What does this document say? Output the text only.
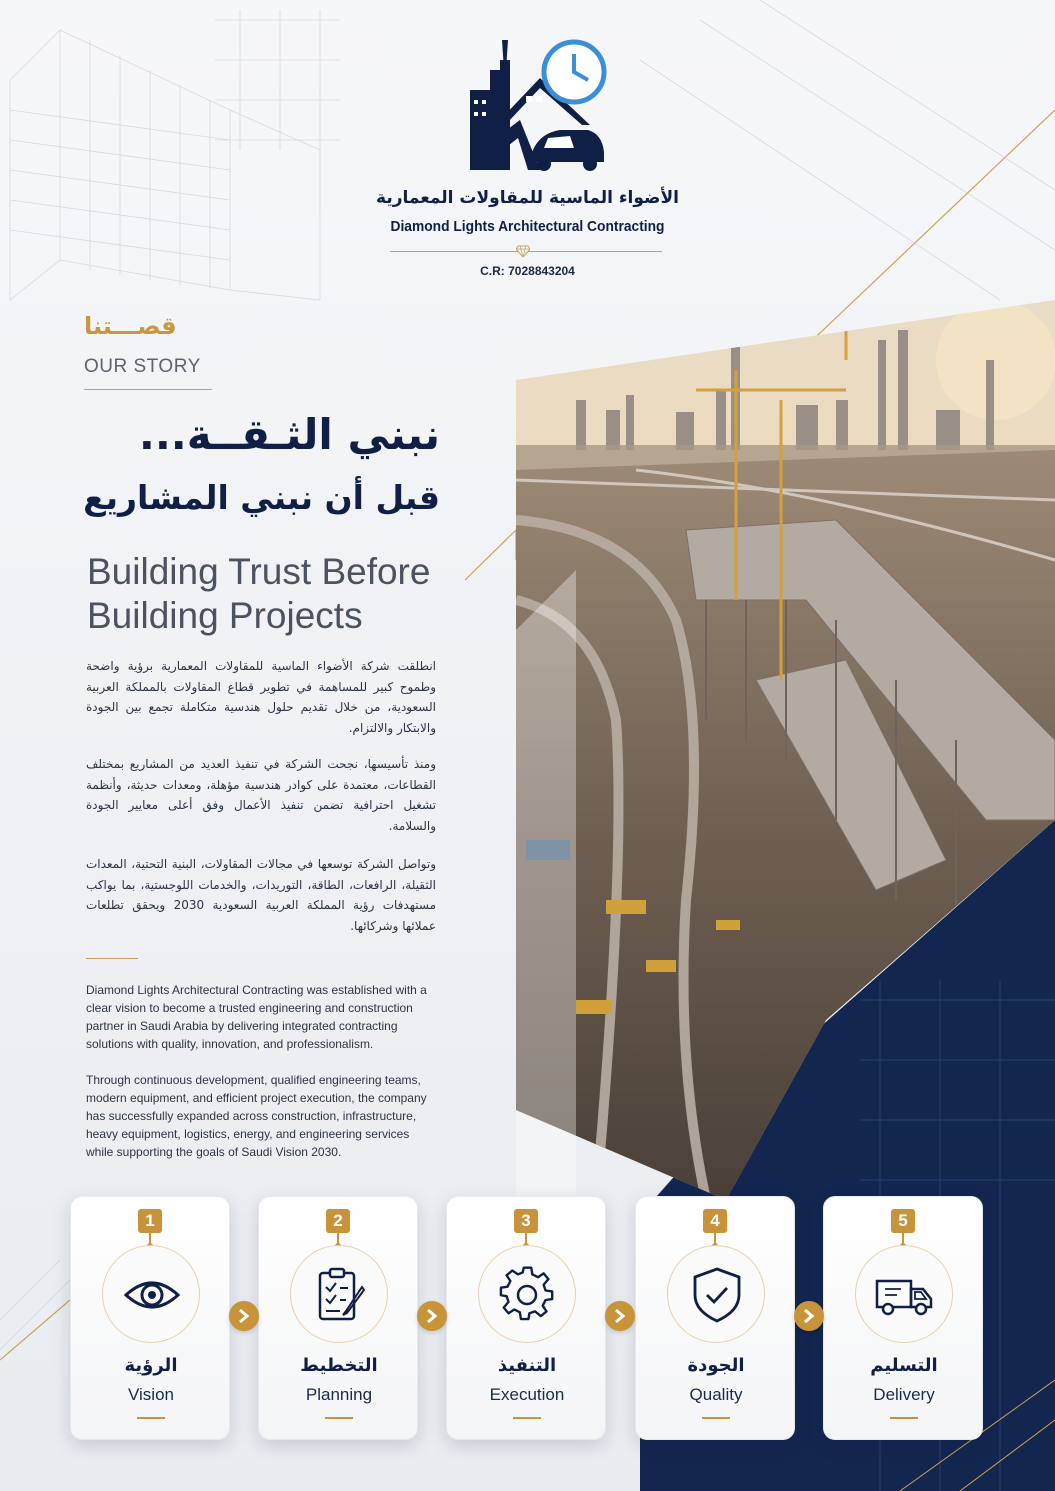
الأضواء الماسية للمقاولات المعمارية
Diamond Lights Architectural Contracting
C.R: 7028843204
قصـــتنا
OUR STORY
نبني الثـقــة...
قبل أن نبني المشاريع
Building Trust Before Building Projects

انطلقت شركة الأضواء الماسية للمقاولات المعمارية برؤية واضحة وطموح كبير للمساهمة في تطوير قطاع المقاولات بالمملكة العربية السعودية، من خلال تقديم حلول هندسية متكاملة تجمع بين الجودة والابتكار والالتزام.

ومنذ تأسيسها، نجحت الشركة في تنفيذ العديد من المشاريع بمختلف القطاعات، معتمدة على كوادر هندسية مؤهلة، ومعدات حديثة، وأنظمة تشغيل احترافية تضمن تنفيذ الأعمال وفق أعلى معايير الجودة والسلامة.

وتواصل الشركة توسعها في مجالات المقاولات، البنية التحتية، المعدات الثقيلة، الرافعات، الطاقة، التوريدات، والخدمات اللوجستية، بما يواكب مستهدفات رؤية المملكة العربية السعودية 2030 ويحقق تطلعات عملائها وشركائها.

Diamond Lights Architectural Contracting was established with a clear vision to become a trusted engineering and construction partner in Saudi Arabia by delivering integrated contracting solutions with quality, innovation, and professionalism.

Through continuous development, qualified engineering teams, modern equipment, and efficient project execution, the company has successfully expanded across construction, infrastructure, heavy equipment, logistics, energy, and engineering services while supporting the goals of Saudi Vision 2030.

1
الرؤية
Vision
2
التخطيط
Planning
3
التنفيذ
Execution
4
الجودة
Quality
5
التسليم
Delivery
